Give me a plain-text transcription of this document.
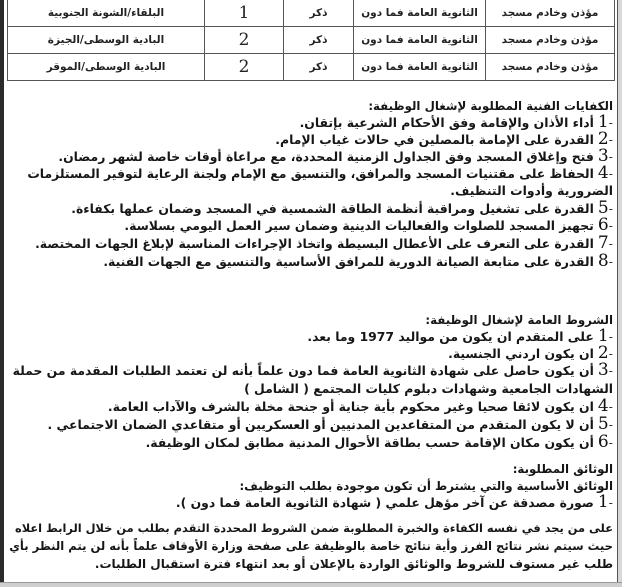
مؤذن وخادم مسجد	الثانوية العامة فما دون	ذكر	1	البلقاء/الشونة الجنوبية
مؤذن وخادم مسجد	الثانوية العامة فما دون	ذكر	2	البادية الوسطى/الجيزة
مؤذن وخادم مسجد	الثانوية العامة فما دون	ذكر	2	البادية الوسطى/الموقر
الكفايات الفنية المطلوبة لإشغال الوظيفة:
-
1
أداء الأذان والإقامة وفق الأحكام الشرعية بإتقان.
-
2
القدرة على الإمامة بالمصلين في حالات غياب الإمام.
-
3
فتح وإغلاق المسجد وفق الجداول الزمنية المحددة، مع مراعاة أوقات خاصة لشهر رمضان.
-
4
الحفاظ على مقتنيات المسجد والمرافق، والتنسيق مع الإمام ولجنة الرعاية لتوفير المستلزمات
الضرورية وأدوات التنظيف.
-
5
القدرة على تشغيل ومراقبة أنظمة الطاقة الشمسية في المسجد وضمان عملها بكفاءة.
-
6
تجهيز المسجد للصلوات والفعاليات الدينية وضمان سير العمل اليومي بسلاسة.
-
7
القدرة على التعرف على الأعطال البسيطة واتخاذ الإجراءات المناسبة لإبلاغ الجهات المختصة.
-
8
القدرة على متابعة الصيانة الدورية للمرافق الأساسية والتنسيق مع الجهات الفنية.
الشروط العامة لإشغال الوظيفة:
-
1
على المتقدم ان يكون من مواليد 1977 وما بعد.
-
2
ان يكون اردني الجنسية.
-
3
أن يكون حاصل على شهادة الثانوية العامة فما دون علماً بأنه لن تعتمد الطلبات المقدمة من حملة
الشهادات الجامعية وشهادات دبلوم كليات المجتمع ( الشامل )
-
4
ان يكون لائقا صحيا وغير محكوم بأية جناية أو جنحة مخلة بالشرف والآداب العامة.
-
5
أن لا يكون المتقدم من المتقاعدين المدنيين أو العسكريين أو متقاعدي الضمان الاجتماعي .
-
6
أن يكون مكان الإقامة حسب بطاقة الأحوال المدنية مطابق لمكان الوظيفة.
الوثائق المطلوبة:
الوثائق الأساسية والتي يشترط أن تكون موجودة بطلب التوظيف:
-
1
صورة مصدقة عن آخر مؤهل علمي ( شهادة الثانوية العامة فما دون ).
على من يجد في نفسه الكفاءة والخبرة المطلوبة ضمن الشروط المحددة التقدم بطلب من خلال الرابط اعلاه
حيث سيتم نشر نتائج الفرز وأية نتائج خاصة بالوظيفة على صفحة وزارة الأوقاف علماً بأنه لن يتم النظر بأي
طلب غير مستوف للشروط والوثائق الواردة بالإعلان أو بعد انتهاء فترة استقبال الطلبات.
